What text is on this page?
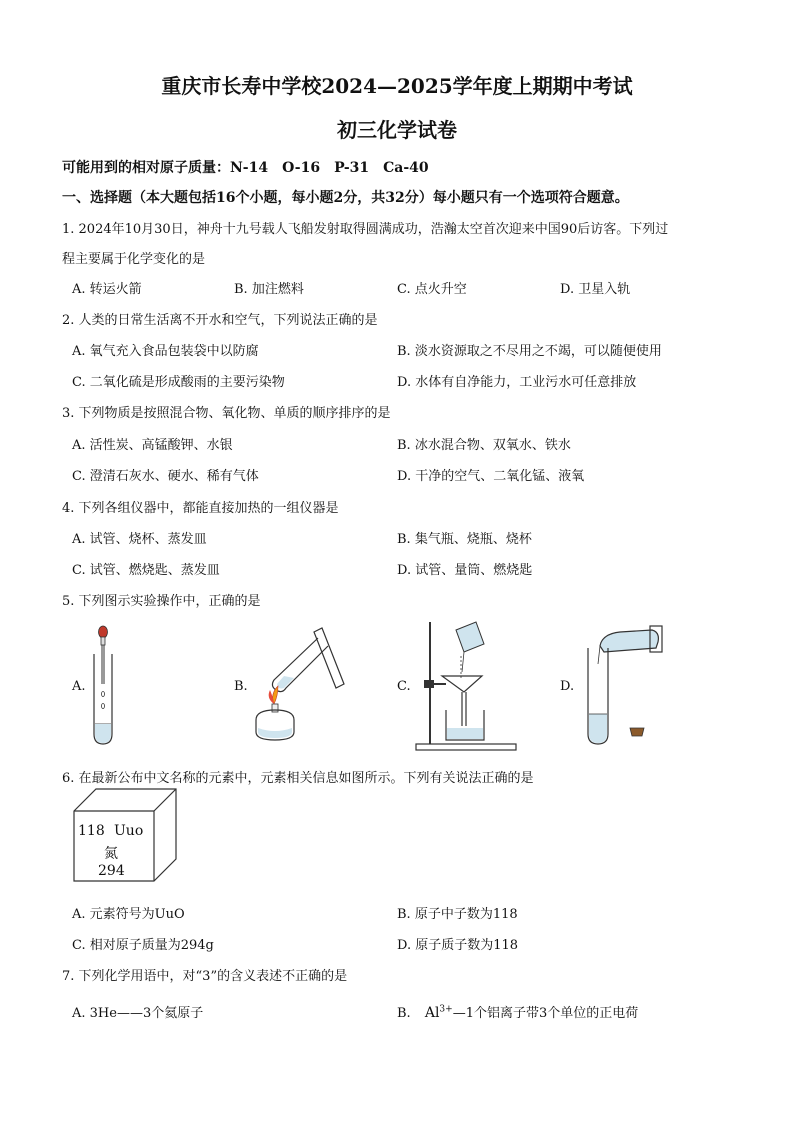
重庆市长寿中学校2024—2025学年度上期期中考试
初三化学试卷
可能用到的相对原子质量：N-14　O-16　P-31　Ca-40
一、选择题（本大题包括16个小题，每小题2分，共32分）每小题只有一个选项符合题意。
1. 2024年10月30日，神舟十九号载人飞船发射取得圆满成功，浩瀚太空首次迎来中国90后访客。下列过
程主要属于化学变化的是
A. 转运火箭	B. 加注燃料	C. 点火升空	D. 卫星入轨
2. 人类的日常生活离不开水和空气，下列说法正确的是
A. 氧气充入食品包装袋中以防腐	B. 淡水资源取之不尽用之不竭，可以随便使用
C. 二氧化硫是形成酸雨的主要污染物	D. 水体有自净能力，工业污水可任意排放
3. 下列物质是按照混合物、氧化物、单质的顺序排序的是
A. 活性炭、高锰酸钾、水银	B. 冰水混合物、双氧水、铁水
C. 澄清石灰水、硬水、稀有气体	D. 干净的空气、二氧化锰、液氧
4. 下列各组仪器中，都能直接加热的一组仪器是
A. 试管、烧杯、蒸发皿	B. 集气瓶、烧瓶、烧杯
C. 试管、燃烧匙、蒸发皿	D. 试管、量筒、燃烧匙
5. 下列图示实验操作中，正确的是
A.	B.	C.	D.
6. 在最新公布中文名称的元素中，元素相关信息如图所示。下列有关说法正确的是
118 Uuo
氮
294
A. 元素符号为UuO	B. 原子中子数为118
C. 相对原子质量为294g	D. 原子质子数为118
7. 下列化学用语中，对“3”的含义表述不正确的是
A. 3He——3个氦原子	B. $Al^{3+}—1$个铝离子带3个单位的正电荷
